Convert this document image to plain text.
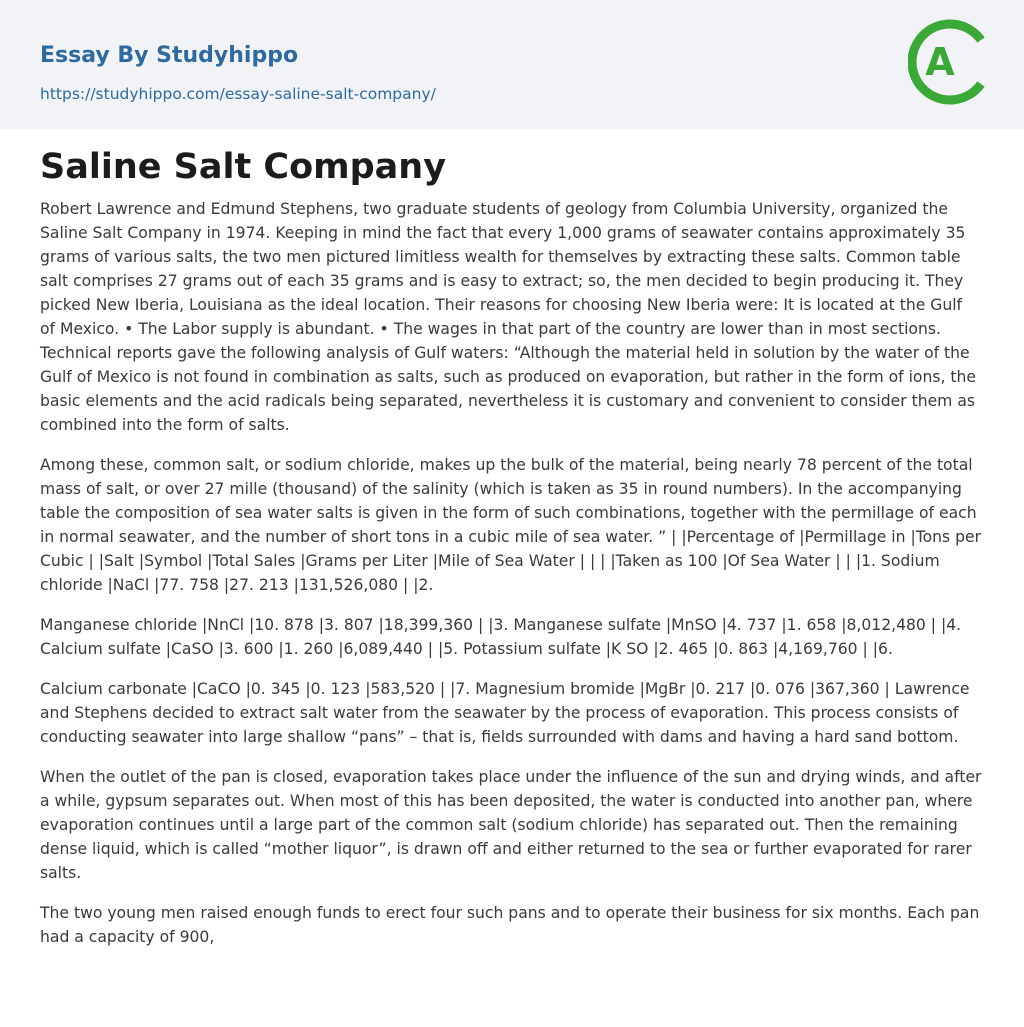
Essay By Studyhippo
https://studyhippo.com/essay-saline-salt-company/
A
Saline Salt Company

Robert Lawrence and Edmund Stephens, two graduate students of geology from Columbia University, organized the Saline Salt Company in 1974. Keeping in mind the fact that every 1,000 grams of seawater contains approximately 35 grams of various salts, the two men pictured limitless wealth for themselves by extracting these salts. Common table salt comprises 27 grams out of each 35 grams and is easy to extract; so, the men decided to begin producing it. They picked New Iberia, Louisiana as the ideal location. Their reasons for choosing New Iberia were: It is located at the Gulf of Mexico. • The Labor supply is abundant. • The wages in that part of the country are lower than in most sections. Technical reports gave the following analysis of Gulf waters: “Although the material held in solution by the water of the Gulf of Mexico is not found in combination as salts, such as produced on evaporation, but rather in the form of ions, the basic elements and the acid radicals being separated, nevertheless it is customary and convenient to consider them as combined into the form of salts.

Among these, common salt, or sodium chloride, makes up the bulk of the material, being nearly 78 percent of the total mass of salt, or over 27 mille (thousand) of the salinity (which is taken as 35 in round numbers). In the accompanying table the composition of sea water salts is given in the form of such combinations, together with the permillage of each in normal seawater, and the number of short tons in a cubic mile of sea water. ” | |Percentage of |Permillage in |Tons per Cubic | |Salt |Symbol |Total Sales |Grams per Liter |Mile of Sea Water | | | |Taken as 100 |Of Sea Water | | |1. Sodium chloride |NaCl |77. 758 |27. 213 |131,526,080 | |2.

Manganese chloride |NnCl |10. 878 |3. 807 |18,399,360 | |3. Manganese sulfate |MnSO |4. 737 |1. 658 |8,012,480 | |4. Calcium sulfate |CaSO |3. 600 |1. 260 |6,089,440 | |5. Potassium sulfate |K SO |2. 465 |0. 863 |4,169,760 | |6.

Calcium carbonate |CaCO |0. 345 |0. 123 |583,520 | |7. Magnesium bromide |MgBr |0. 217 |0. 076 |367,360 | Lawrence and Stephens decided to extract salt water from the seawater by the process of evaporation. This process consists of conducting seawater into large shallow “pans” – that is, fields surrounded with dams and having a hard sand bottom.

When the outlet of the pan is closed, evaporation takes place under the influence of the sun and drying winds, and after a while, gypsum separates out. When most of this has been deposited, the water is conducted into another pan, where evaporation continues until a large part of the common salt (sodium chloride) has separated out. Then the remaining dense liquid, which is called “mother liquor”, is drawn off and either returned to the sea or further evaporated for rarer salts.

The two young men raised enough funds to erect four such pans and to operate their business for six months. Each pan had a capacity of 900,
